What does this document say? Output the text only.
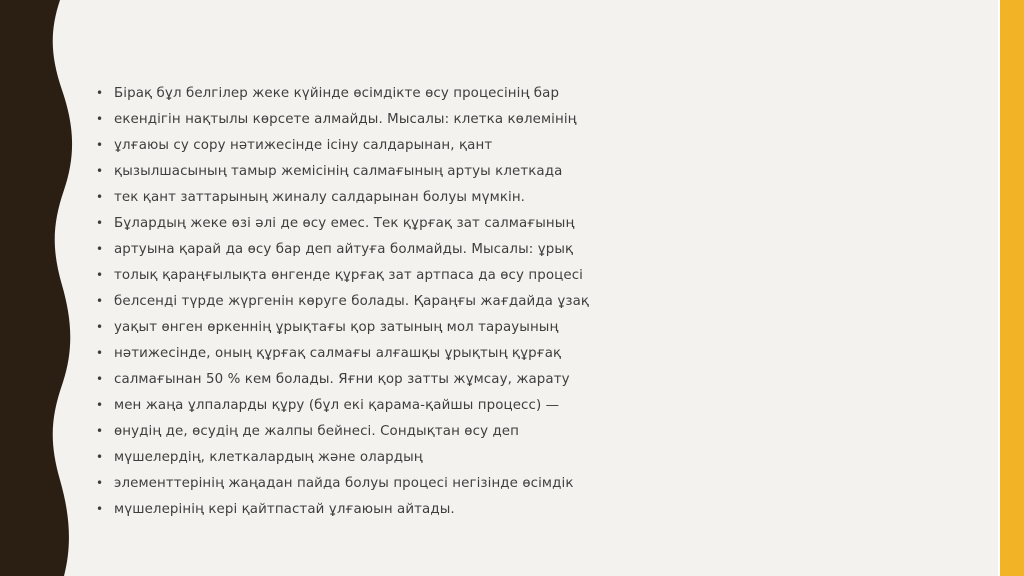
• Бірақ бұл белгілер жеке күйінде өсімдікте өсу процесінің бар
• екендігін нақтылы көрсете алмайды. Мысалы: клетка көлемінің
• ұлғаюы су сору нәтижесінде ісіну салдарынан, қант
• қызылшасының тамыр жемісінің салмағының артуы клеткада
• тек қант заттарының жиналу салдарынан болуы мүмкін.
• Бұлардың жеке өзі әлі де өсу емес. Тек құрғақ зат салмағының
• артуына қарай да өсу бар деп айтуға болмайды. Мысалы: ұрық
• толық қараңғылықта өнгенде құрғақ зат артпаса да өсу процесі
• белсенді түрде жүргенін көруге болады. Қараңғы жағдайда ұзақ
• уақыт өнген өркеннің ұрықтағы қор затының мол тарауының
• нәтижесінде, оның құрғақ салмағы алғашқы ұрықтың құрғақ
• салмағынан 50 % кем болады. Яғни қор затты жұмсау, жарату
• мен жаңа ұлпаларды құру (бұл екі қарама-қайшы процесс) —
• өнудің де, өсудің де жалпы бейнесі. Сондықтан өсу деп
• мүшелердің, клеткалардың және олардың
• элементтерінің жаңадан пайда болуы процесі негізінде өсімдік
• мүшелерінің кері қайтпастай ұлғаюын айтады.
